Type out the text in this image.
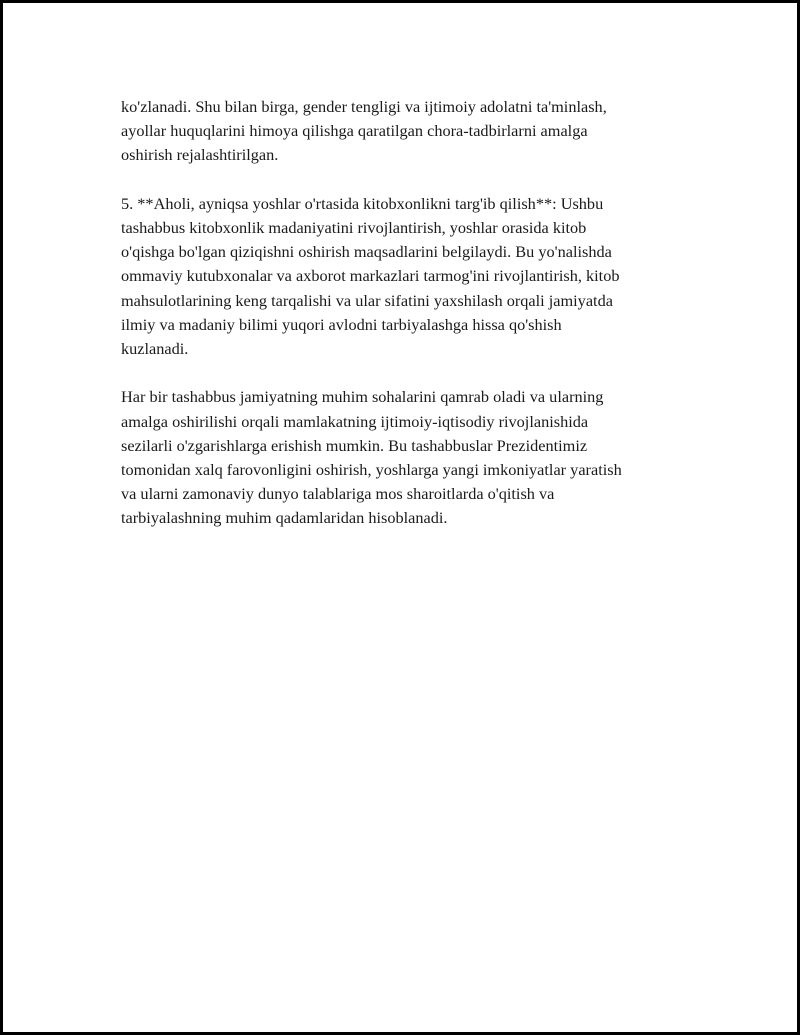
ko'zlanadi. Shu bilan birga, gender tengligi va ijtimoiy adolatni ta'minlash,
ayollar huquqlarini himoya qilishga qaratilgan chora-tadbirlarni amalga
oshirish rejalashtirilgan.

5. **Aholi, ayniqsa yoshlar o'rtasida kitobxonlikni targ'ib qilish**: Ushbu
tashabbus kitobxonlik madaniyatini rivojlantirish, yoshlar orasida kitob
o'qishga bo'lgan qiziqishni oshirish maqsadlarini belgilaydi. Bu yo'nalishda
ommaviy kutubxonalar va axborot markazlari tarmog'ini rivojlantirish, kitob
mahsulotlarining keng tarqalishi va ular sifatini yaxshilash orqali jamiyatda
ilmiy va madaniy bilimi yuqori avlodni tarbiyalashga hissa qo'shish
kuzlanadi.

Har bir tashabbus jamiyatning muhim sohalarini qamrab oladi va ularning
amalga oshirilishi orqali mamlakatning ijtimoiy-iqtisodiy rivojlanishida
sezilarli o'zgarishlarga erishish mumkin. Bu tashabbuslar Prezidentimiz
tomonidan xalq farovonligini oshirish, yoshlarga yangi imkoniyatlar yaratish
va ularni zamonaviy dunyo talablariga mos sharoitlarda o'qitish va
tarbiyalashning muhim qadamlaridan hisoblanadi.
